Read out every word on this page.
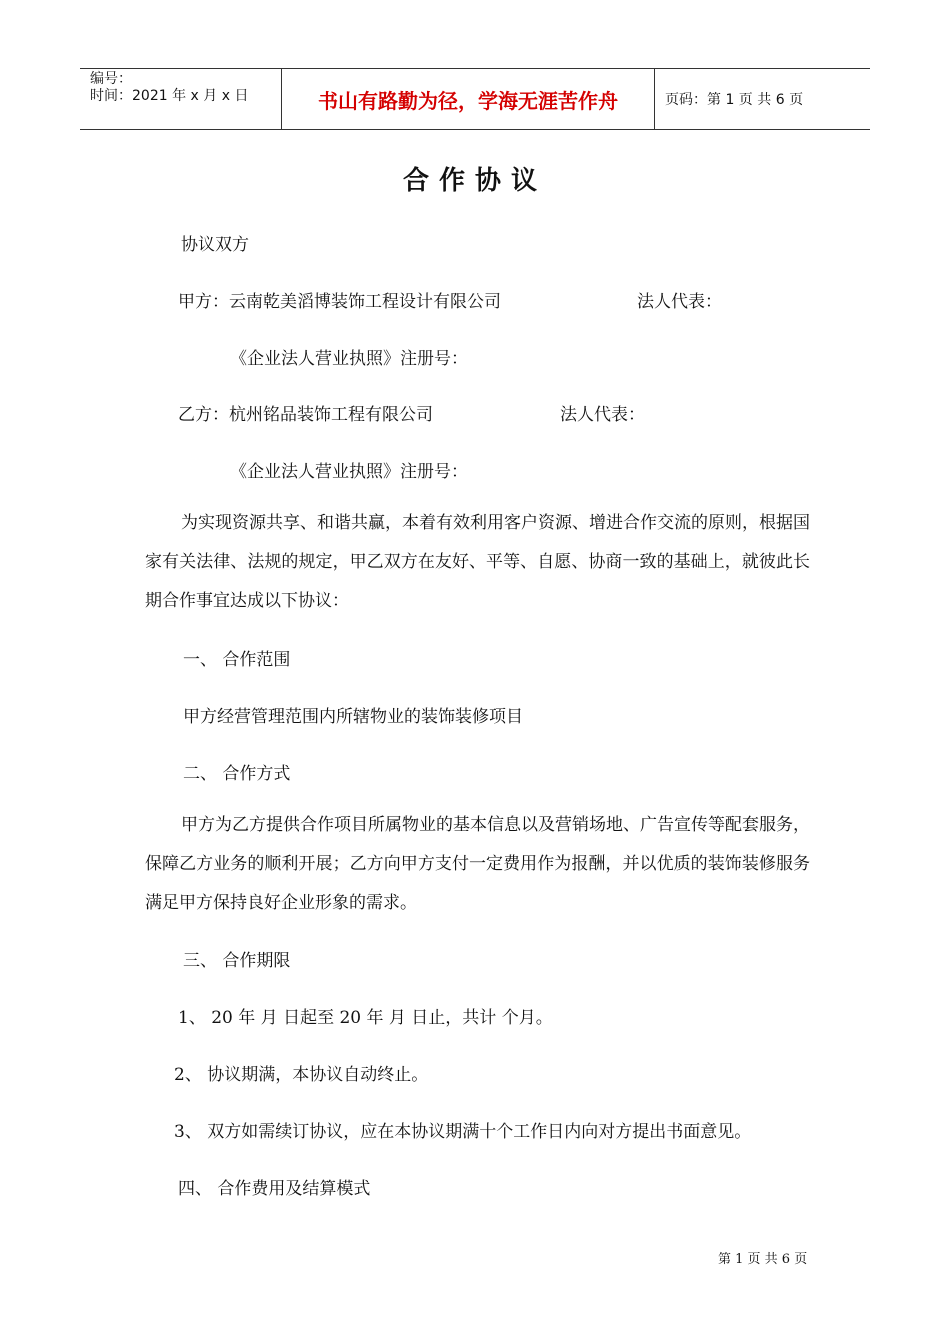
编号：
时间：2021 年 x 月 x 日	书山有路勤为径，学海无涯苦作舟	页码：第 1 页 共 6 页
合作协议
协议双方
甲方：云南乾美滔博装饰工程设计有限公司	法人代表：
《企业法人营业执照》注册号：
乙方：杭州铭品装饰工程有限公司	法人代表：
《企业法人营业执照》注册号：
为实现资源共享、和谐共赢，本着有效利用客户资源、增进合作交流的原则，根据国家有关法律、法规的规定，甲乙双方在友好、平等、自愿、协商一致的基础上，就彼此长期合作事宜达成以下协议：
一、 合作范围
甲方经营管理范围内所辖物业的装饰装修项目
二、 合作方式
甲方为乙方提供合作项目所属物业的基本信息以及营销场地、广告宣传等配套服务，保障乙方业务的顺利开展；乙方向甲方支付一定费用作为报酬，并以优质的装饰装修服务满足甲方保持良好企业形象的需求。
三、 合作期限
1、 20 年 月 日起至 20 年 月 日止，共计 个月。
2、 协议期满，本协议自动终止。
3、 双方如需续订协议，应在本协议期满十个工作日内向对方提出书面意见。
四、 合作费用及结算模式
第 1 页 共 6 页
